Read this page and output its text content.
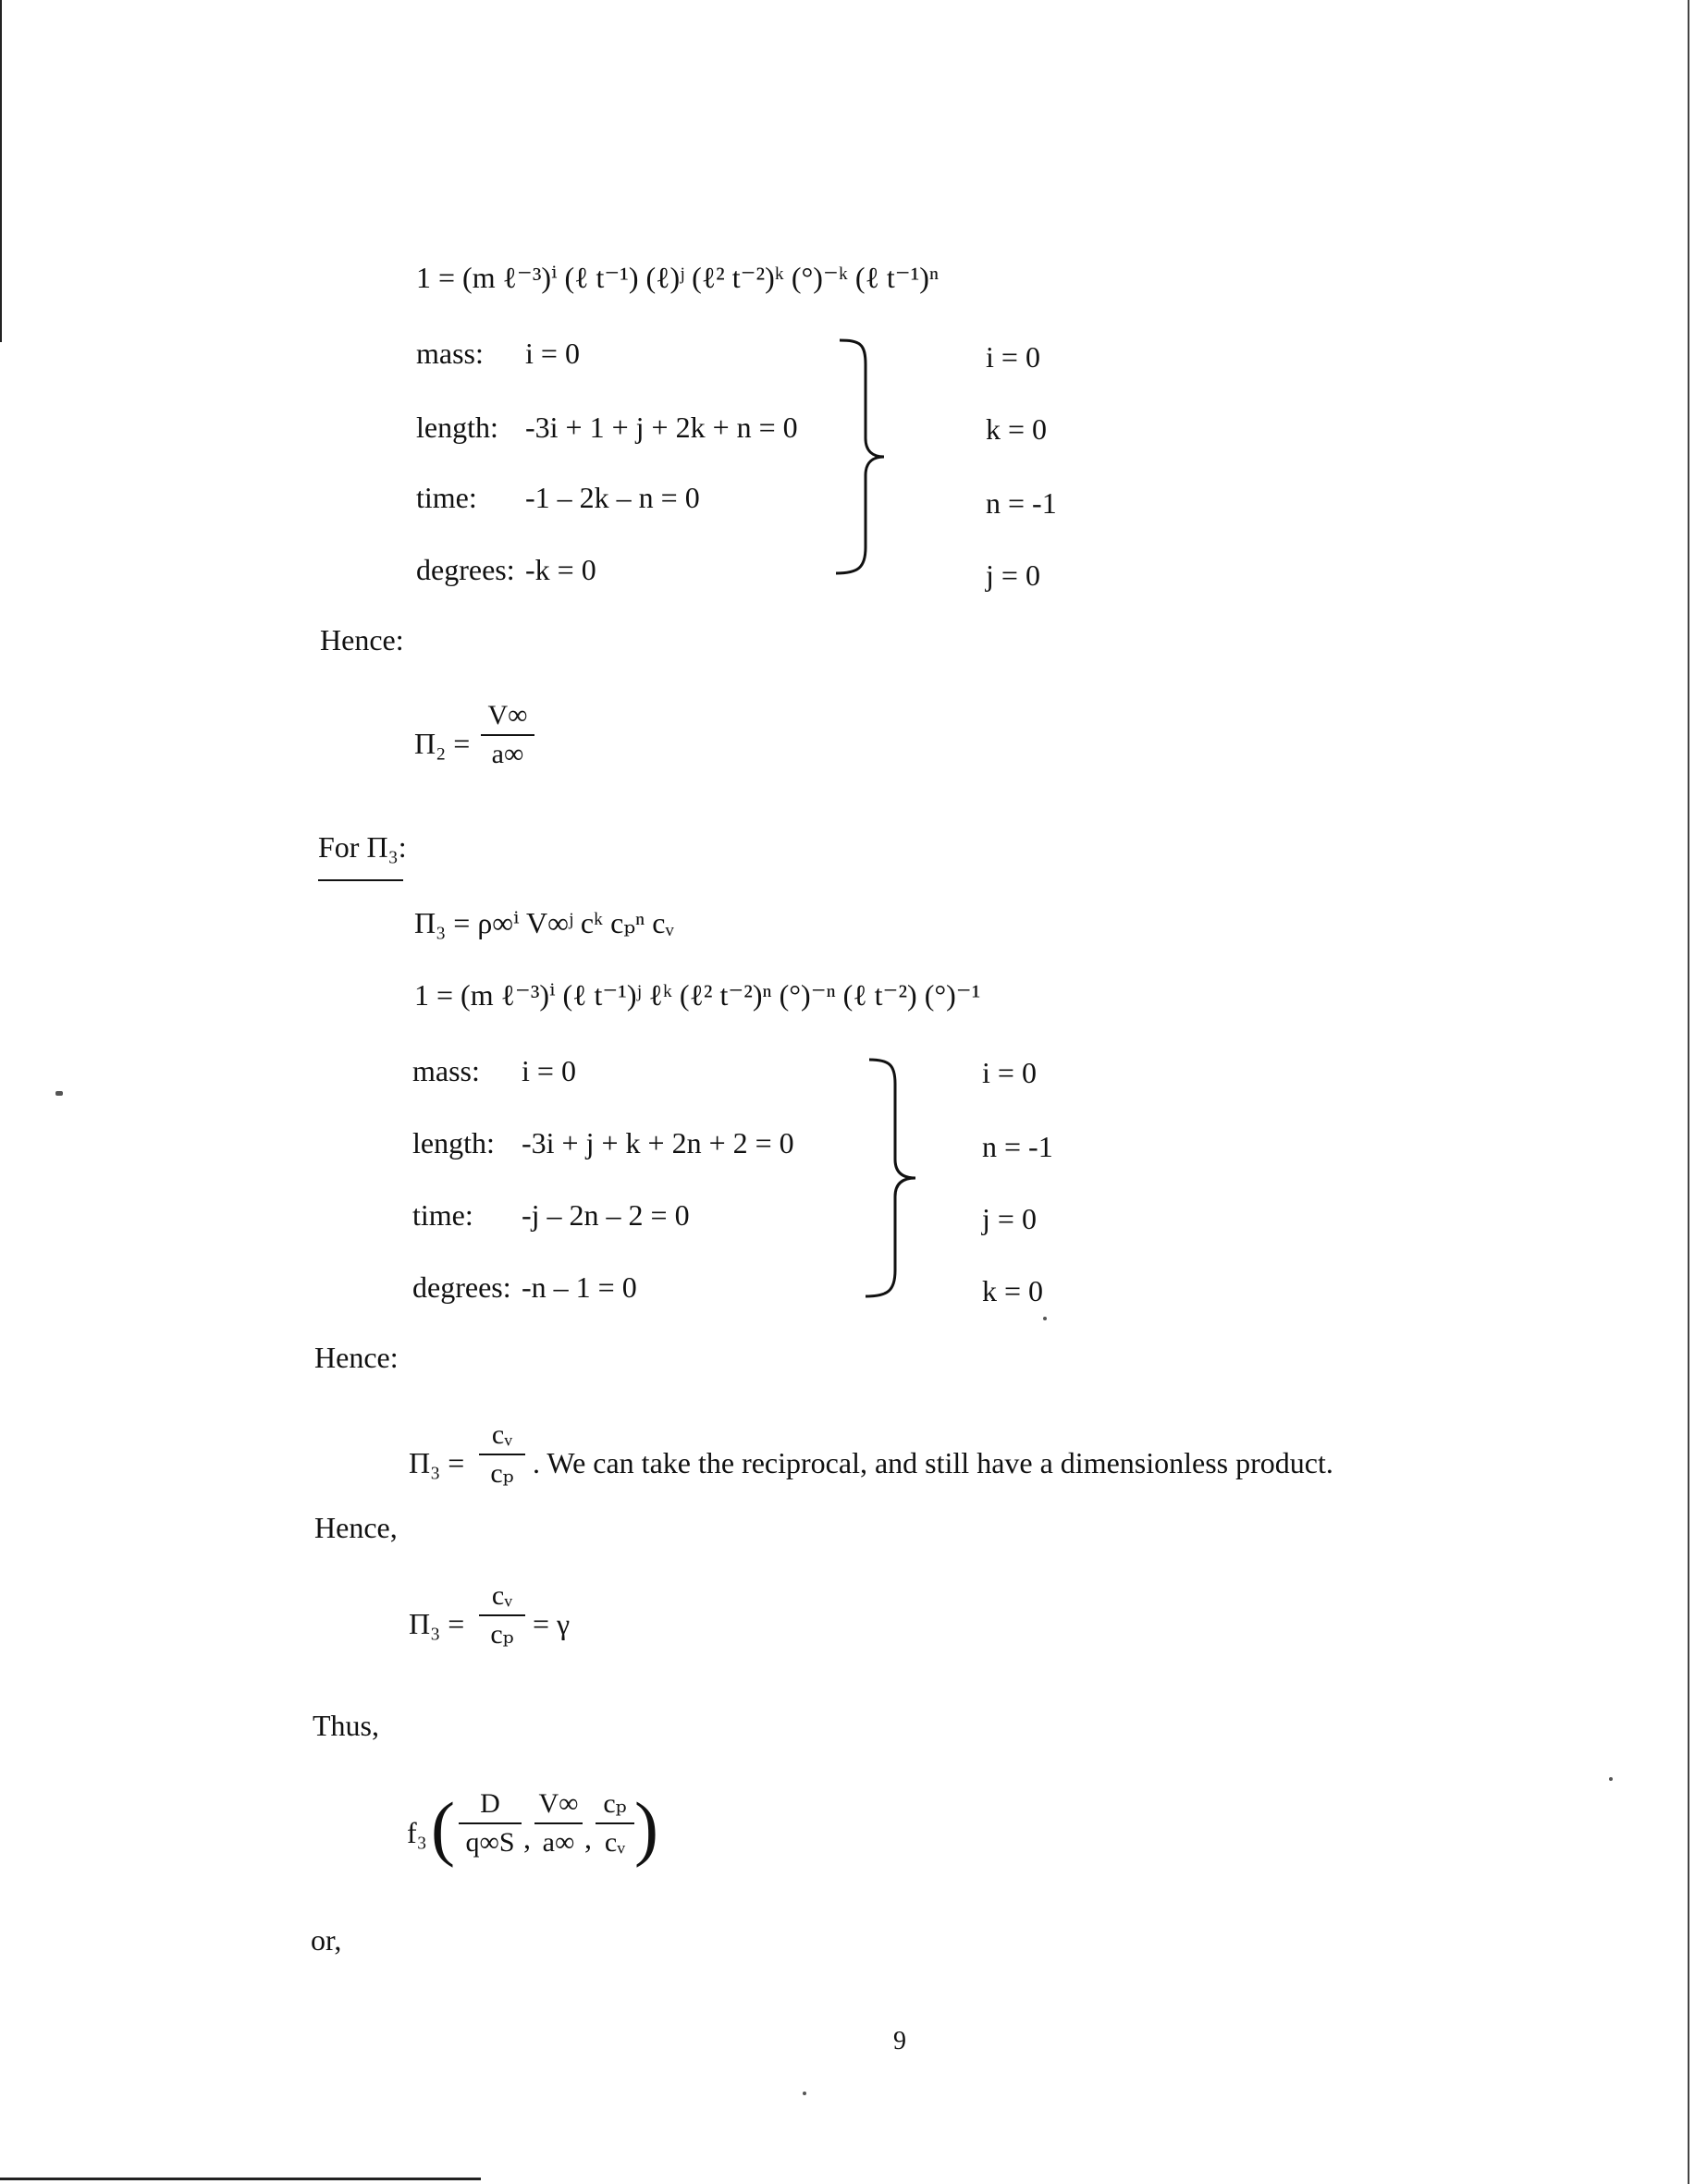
1 = (m ℓ⁻³)ⁱ (ℓ t⁻¹) (ℓ)ʲ (ℓ² t⁻²)ᵏ (°)⁻ᵏ (ℓ t⁻¹)ⁿ
mass: i = 0	i = 0
length: -3i + 1 + j + 2k + n = 0	k = 0
time: -1 – 2k – n = 0	n = -1
degrees: -k = 0	j = 0
Hence:
Π₂ =
V∞
a∞
For Π₃:
Π₃ = ρ∞ⁱ V∞ʲ cᵏ cₚⁿ cᵥ
1 = (m ℓ⁻³)ⁱ (ℓ t⁻¹)ʲ ℓᵏ (ℓ² t⁻²)ⁿ (°)⁻ⁿ (ℓ t⁻²) (°)⁻¹
mass: i = 0	i = 0
length: -3i + j + k + 2n + 2 = 0	n = -1
time: -j – 2n – 2 = 0	j = 0
degrees: -n – 1 = 0	k = 0
Hence:
Π₃ =
cᵥ
cₚ . We can take the reciprocal, and still have a dimensionless product.
Hence,
Π₃ =
cᵥ
cₚ = γ
Thus,
f₃ ( D
q∞S ,
V∞
a∞ ,
cₚ
cᵥ )
or,
9
